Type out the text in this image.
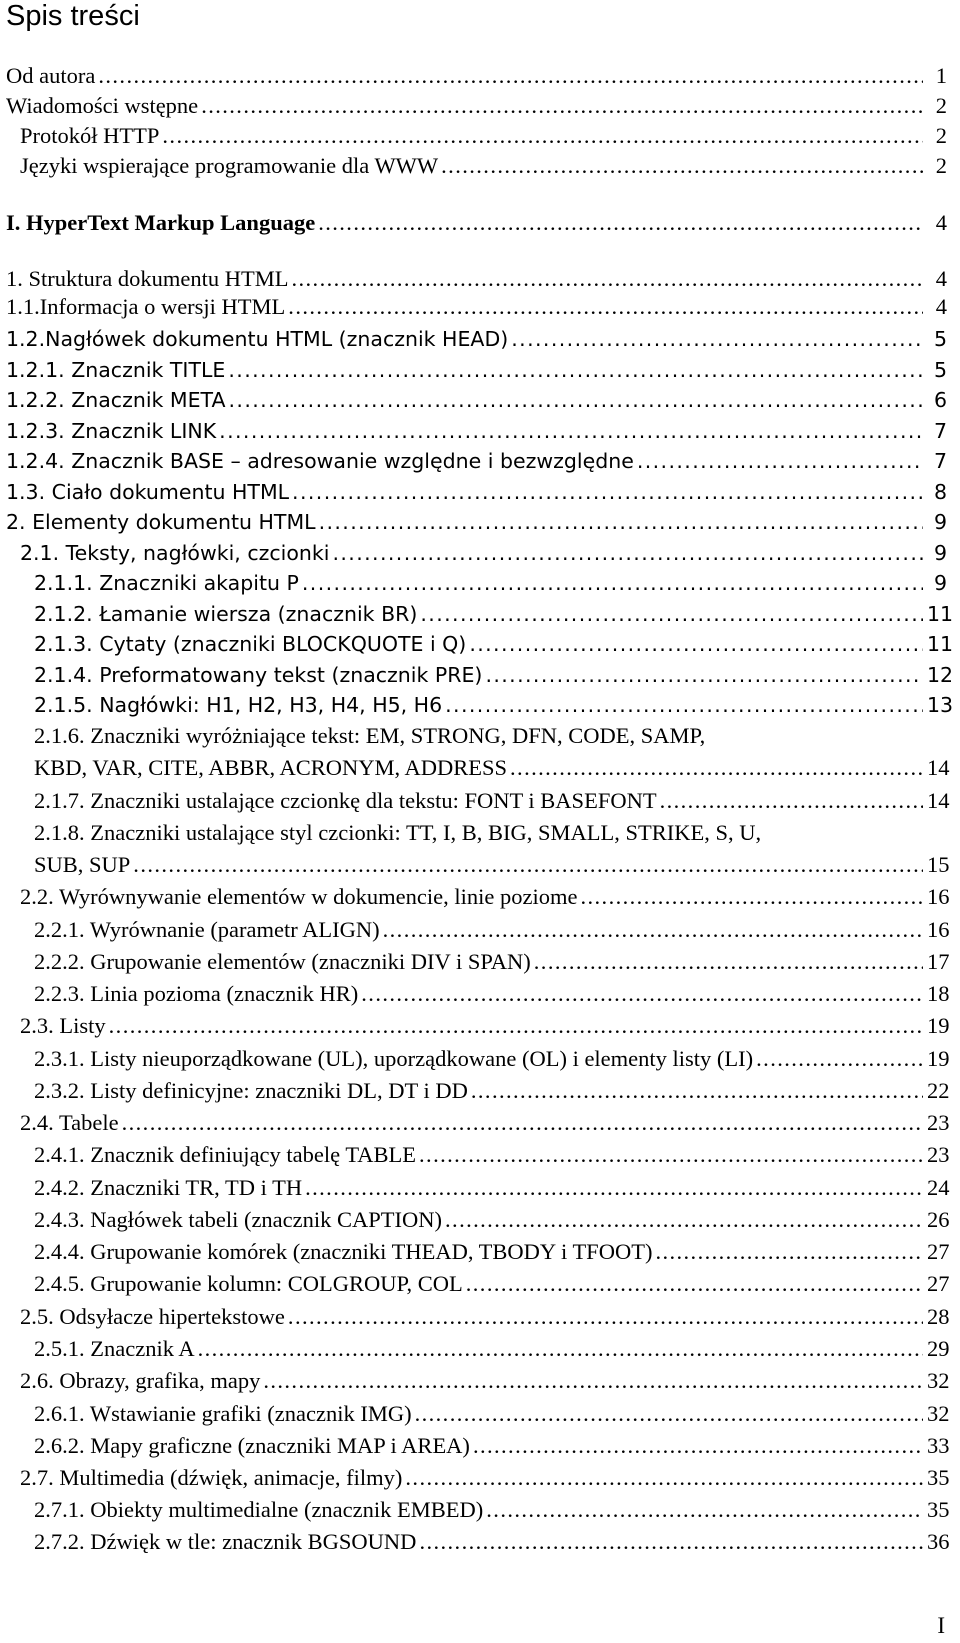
Spis treści
Od autora .....	1
Wiadomości wstępne .....	2
Protokół HTTP .....	2
Języki wspierające programowanie dla WWW .....	2
I. HyperText Markup Language .....	4
1. Struktura dokumentu HTML .....	4
1.1.Informacja o wersji HTML .....	4
1.2.Nagłówek dokumentu HTML (znacznik HEAD) .....	5
1.2.1. Znacznik TITLE .....	5
1.2.2. Znacznik META .....	6
1.2.3. Znacznik LINK .....	7
1.2.4. Znacznik BASE – adresowanie względne i bezwzględne .....	7
1.3. Ciało dokumentu HTML .....	8
2. Elementy dokumentu HTML .....	9
2.1. Teksty, nagłówki, czcionki .....	9
2.1.1. Znaczniki akapitu P .....	9
2.1.2. Łamanie wiersza (znacznik BR) .....	11
2.1.3. Cytaty (znaczniki BLOCKQUOTE i Q) .....	11
2.1.4. Preformatowany tekst (znacznik PRE) .....	12
2.1.5. Nagłówki: H1, H2, H3, H4, H5, H6 .....	13
2.1.6. Znaczniki wyróżniające tekst: EM, STRONG, DFN, CODE, SAMP,
KBD, VAR, CITE, ABBR, ACRONYM, ADDRESS .....	14
2.1.7. Znaczniki ustalające czcionkę dla tekstu: FONT i BASEFONT .....	14
2.1.8. Znaczniki ustalające styl czcionki: TT, I, B, BIG, SMALL, STRIKE, S, U,
SUB, SUP .....	15
2.2. Wyrównywanie elementów w dokumencie, linie poziome .....	16
2.2.1. Wyrównanie (parametr ALIGN) .....	16
2.2.2. Grupowanie elementów (znaczniki DIV i SPAN) .....	17
2.2.3. Linia pozioma (znacznik HR) .....	18
2.3. Listy .....	19
2.3.1. Listy nieuporządkowane (UL), uporządkowane (OL) i elementy listy (LI) .....	19
2.3.2. Listy definicyjne: znaczniki DL, DT i DD .....	22
2.4. Tabele .....	23
2.4.1. Znacznik definiujący tabelę TABLE .....	23
2.4.2. Znaczniki TR, TD i TH .....	24
2.4.3. Nagłówek tabeli (znacznik CAPTION) .....	26
2.4.4. Grupowanie komórek (znaczniki THEAD, TBODY i TFOOT) .....	27
2.4.5. Grupowanie kolumn: COLGROUP, COL .....	27
2.5. Odsyłacze hipertekstowe .....	28
2.5.1. Znacznik A .....	29
2.6. Obrazy, grafika, mapy .....	32
2.6.1. Wstawianie grafiki (znacznik IMG) .....	32
2.6.2. Mapy graficzne (znaczniki MAP i AREA) .....	33
2.7. Multimedia (dźwięk, animacje, filmy) .....	35
2.7.1. Obiekty multimedialne (znacznik EMBED) .....	35
2.7.2. Dźwięk w tle: znacznik BGSOUND .....	36
I
